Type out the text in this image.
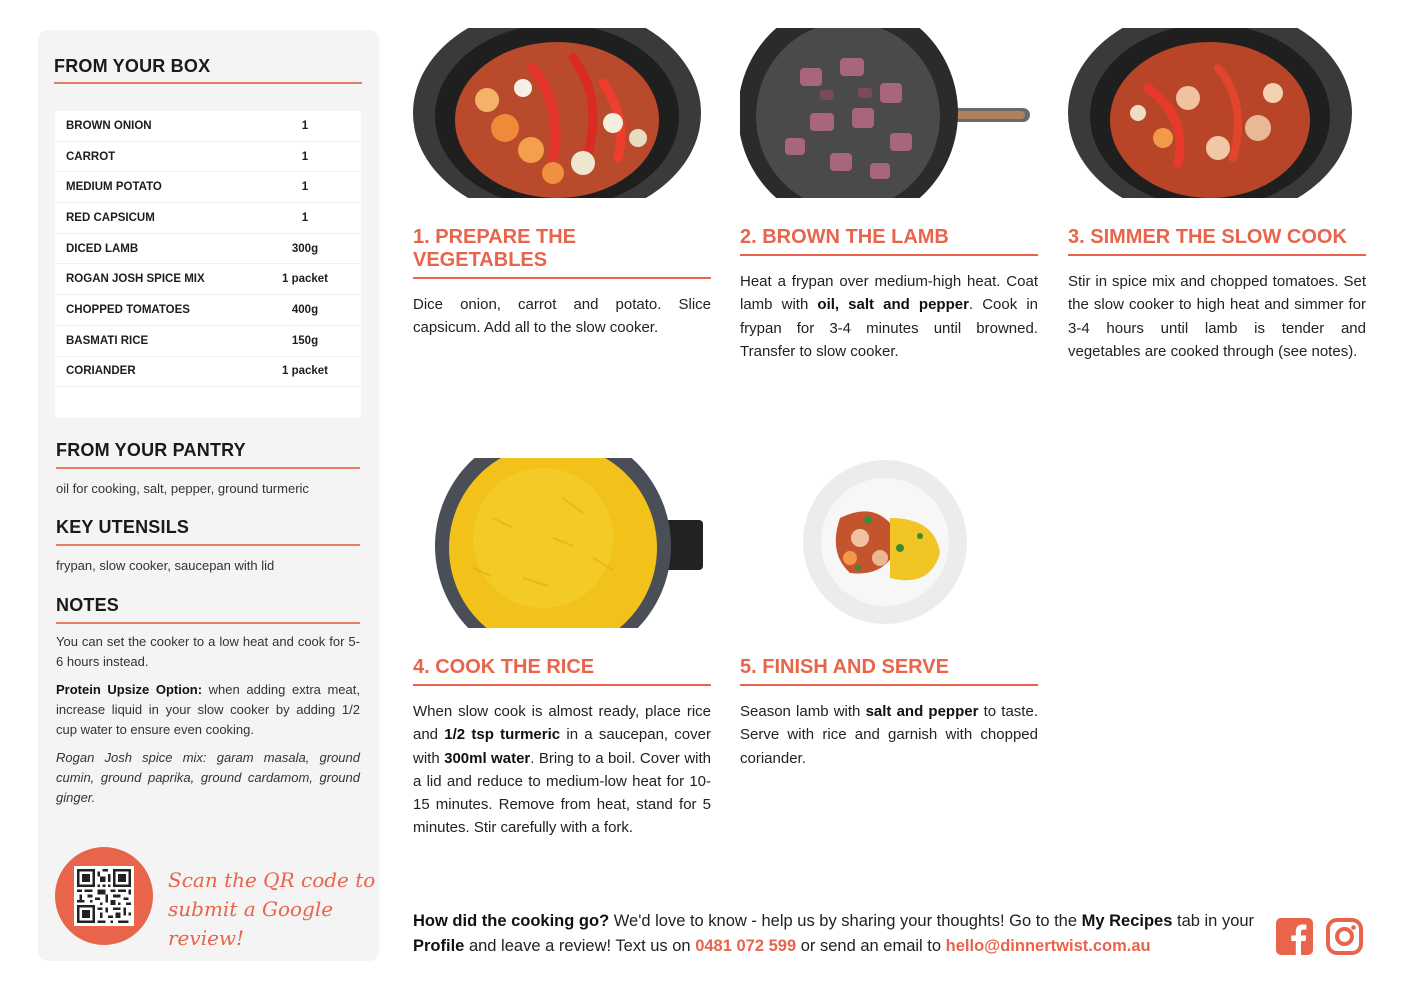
FROM YOUR BOX
BROWN ONION	1
CARROT	1
MEDIUM POTATO	1
RED CAPSICUM	1
DICED LAMB	300g
ROGAN JOSH SPICE MIX	1 packet
CHOPPED TOMATOES	400g
BASMATI RICE	150g
CORIANDER	1 packet
FROM YOUR PANTRY
oil for cooking, salt, pepper, ground turmeric
KEY UTENSILS
frypan, slow cooker, saucepan with lid
NOTES

You can set the cooker to a low heat and cook for 5-6 hours instead.

Protein Upsize Option: when adding extra meat, increase liquid in your slow cooker by adding 1/2 cup water to ensure even cooking.

Rogan Josh spice mix: garam masala, ground cumin, ground paprika, ground cardamom, ground ginger.

Scan the QR code to
submit a Google review!
1. PREPARE THE VEGETABLES

Dice onion, carrot and potato. Slice capsicum. Add all to the slow cooker.

2. BROWN THE LAMB

Heat a frypan over medium-high heat. Coat lamb with oil, salt and pepper. Cook in frypan for 3-4 minutes until browned. Transfer to slow cooker.

3. SIMMER THE SLOW COOK

Stir in spice mix and chopped tomatoes. Set the slow cooker to high heat and simmer for 3-4 hours until lamb is tender and vegetables are cooked through (see notes).

4. COOK THE RICE

When slow cook is almost ready, place rice and 1/2 tsp turmeric in a saucepan, cover with 300ml water. Bring to a boil. Cover with a lid and reduce to medium-low heat for 10-15 minutes. Remove from heat, stand for 5 minutes. Stir carefully with a fork.

5. FINISH AND SERVE

Season lamb with salt and pepper to taste. Serve with rice and garnish with chopped coriander.

How did the cooking go? We'd love to know - help us by sharing your thoughts! Go to the My Recipes tab in your Profile and leave a review! Text us on 0481 072 599 or send an email to hello@dinnertwist.com.au
